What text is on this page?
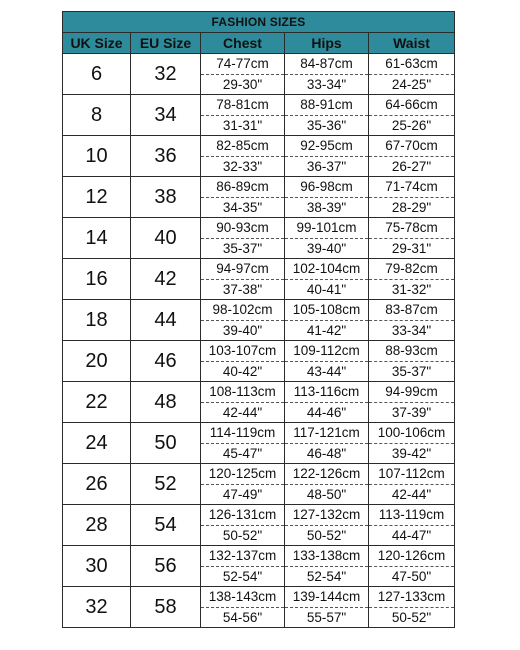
FASHION SIZES				
UK Size	EU Size	Chest	Hips	Waist
6	32	74-77cm	84-87cm	61-63cm
		29-30"	33-34"	24-25"
8	34	78-81cm	88-91cm	64-66cm
		31-31"	35-36"	25-26"
10	36	82-85cm	92-95cm	67-70cm
		32-33"	36-37"	26-27"
12	38	86-89cm	96-98cm	71-74cm
		34-35"	38-39"	28-29"
14	40	90-93cm	99-101cm	75-78cm
		35-37"	39-40"	29-31"
16	42	94-97cm	102-104cm	79-82cm
		37-38"	40-41"	31-32"
18	44	98-102cm	105-108cm	83-87cm
		39-40"	41-42"	33-34"
20	46	103-107cm	109-112cm	88-93cm
		40-42"	43-44"	35-37"
22	48	108-113cm	113-116cm	94-99cm
		42-44"	44-46"	37-39"
24	50	114-119cm	117-121cm	100-106cm
		45-47"	46-48"	39-42"
26	52	120-125cm	122-126cm	107-112cm
		47-49"	48-50"	42-44"
28	54	126-131cm	127-132cm	113-119cm
		50-52"	50-52"	44-47"
30	56	132-137cm	133-138cm	120-126cm
		52-54"	52-54"	47-50"
32	58	138-143cm	139-144cm	127-133cm
		54-56"	55-57"	50-52"
